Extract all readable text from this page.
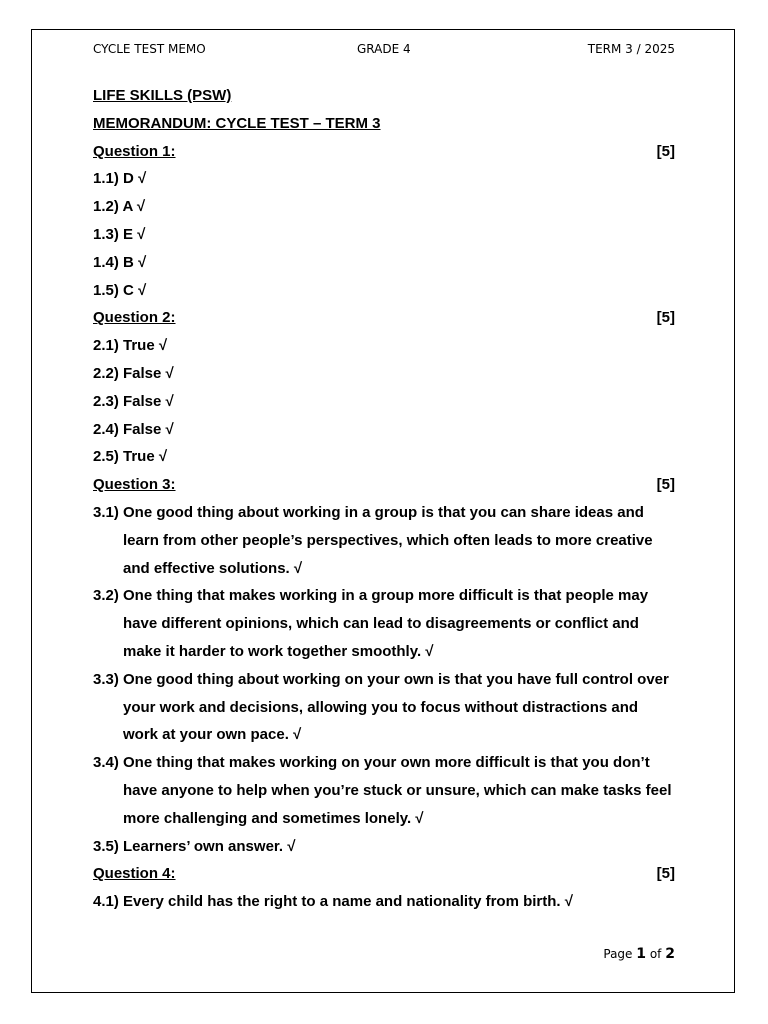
CYCLE TEST MEMO	GRADE 4	TERM 3 / 2025
LIFE SKILLS (PSW)
MEMORANDUM: CYCLE TEST – TERM 3
Question 1:	[5]
1.1) D √
1.2) A √
1.3) E √
1.4) B √
1.5) C √
Question 2:	[5]
2.1) True √
2.2) False √
2.3) False √
2.4) False √
2.5) True √
Question 3:	[5]
3.1) One good thing about working in a group is that you can share ideas and learn from other people’s perspectives, which often leads to more creative and effective solutions. √
3.2) One thing that makes working in a group more difficult is that people may have different opinions, which can lead to disagreements or conflict and make it harder to work together smoothly. √
3.3) One good thing about working on your own is that you have full control over your work and decisions, allowing you to focus without distractions and work at your own pace. √
3.4) One thing that makes working on your own more difficult is that you don’t have anyone to help when you’re stuck or unsure, which can make tasks feel more challenging and sometimes lonely. √
3.5) Learners’ own answer. √
Question 4:	[5]
4.1) Every child has the right to a name and nationality from birth. √
Page 1 of 2
